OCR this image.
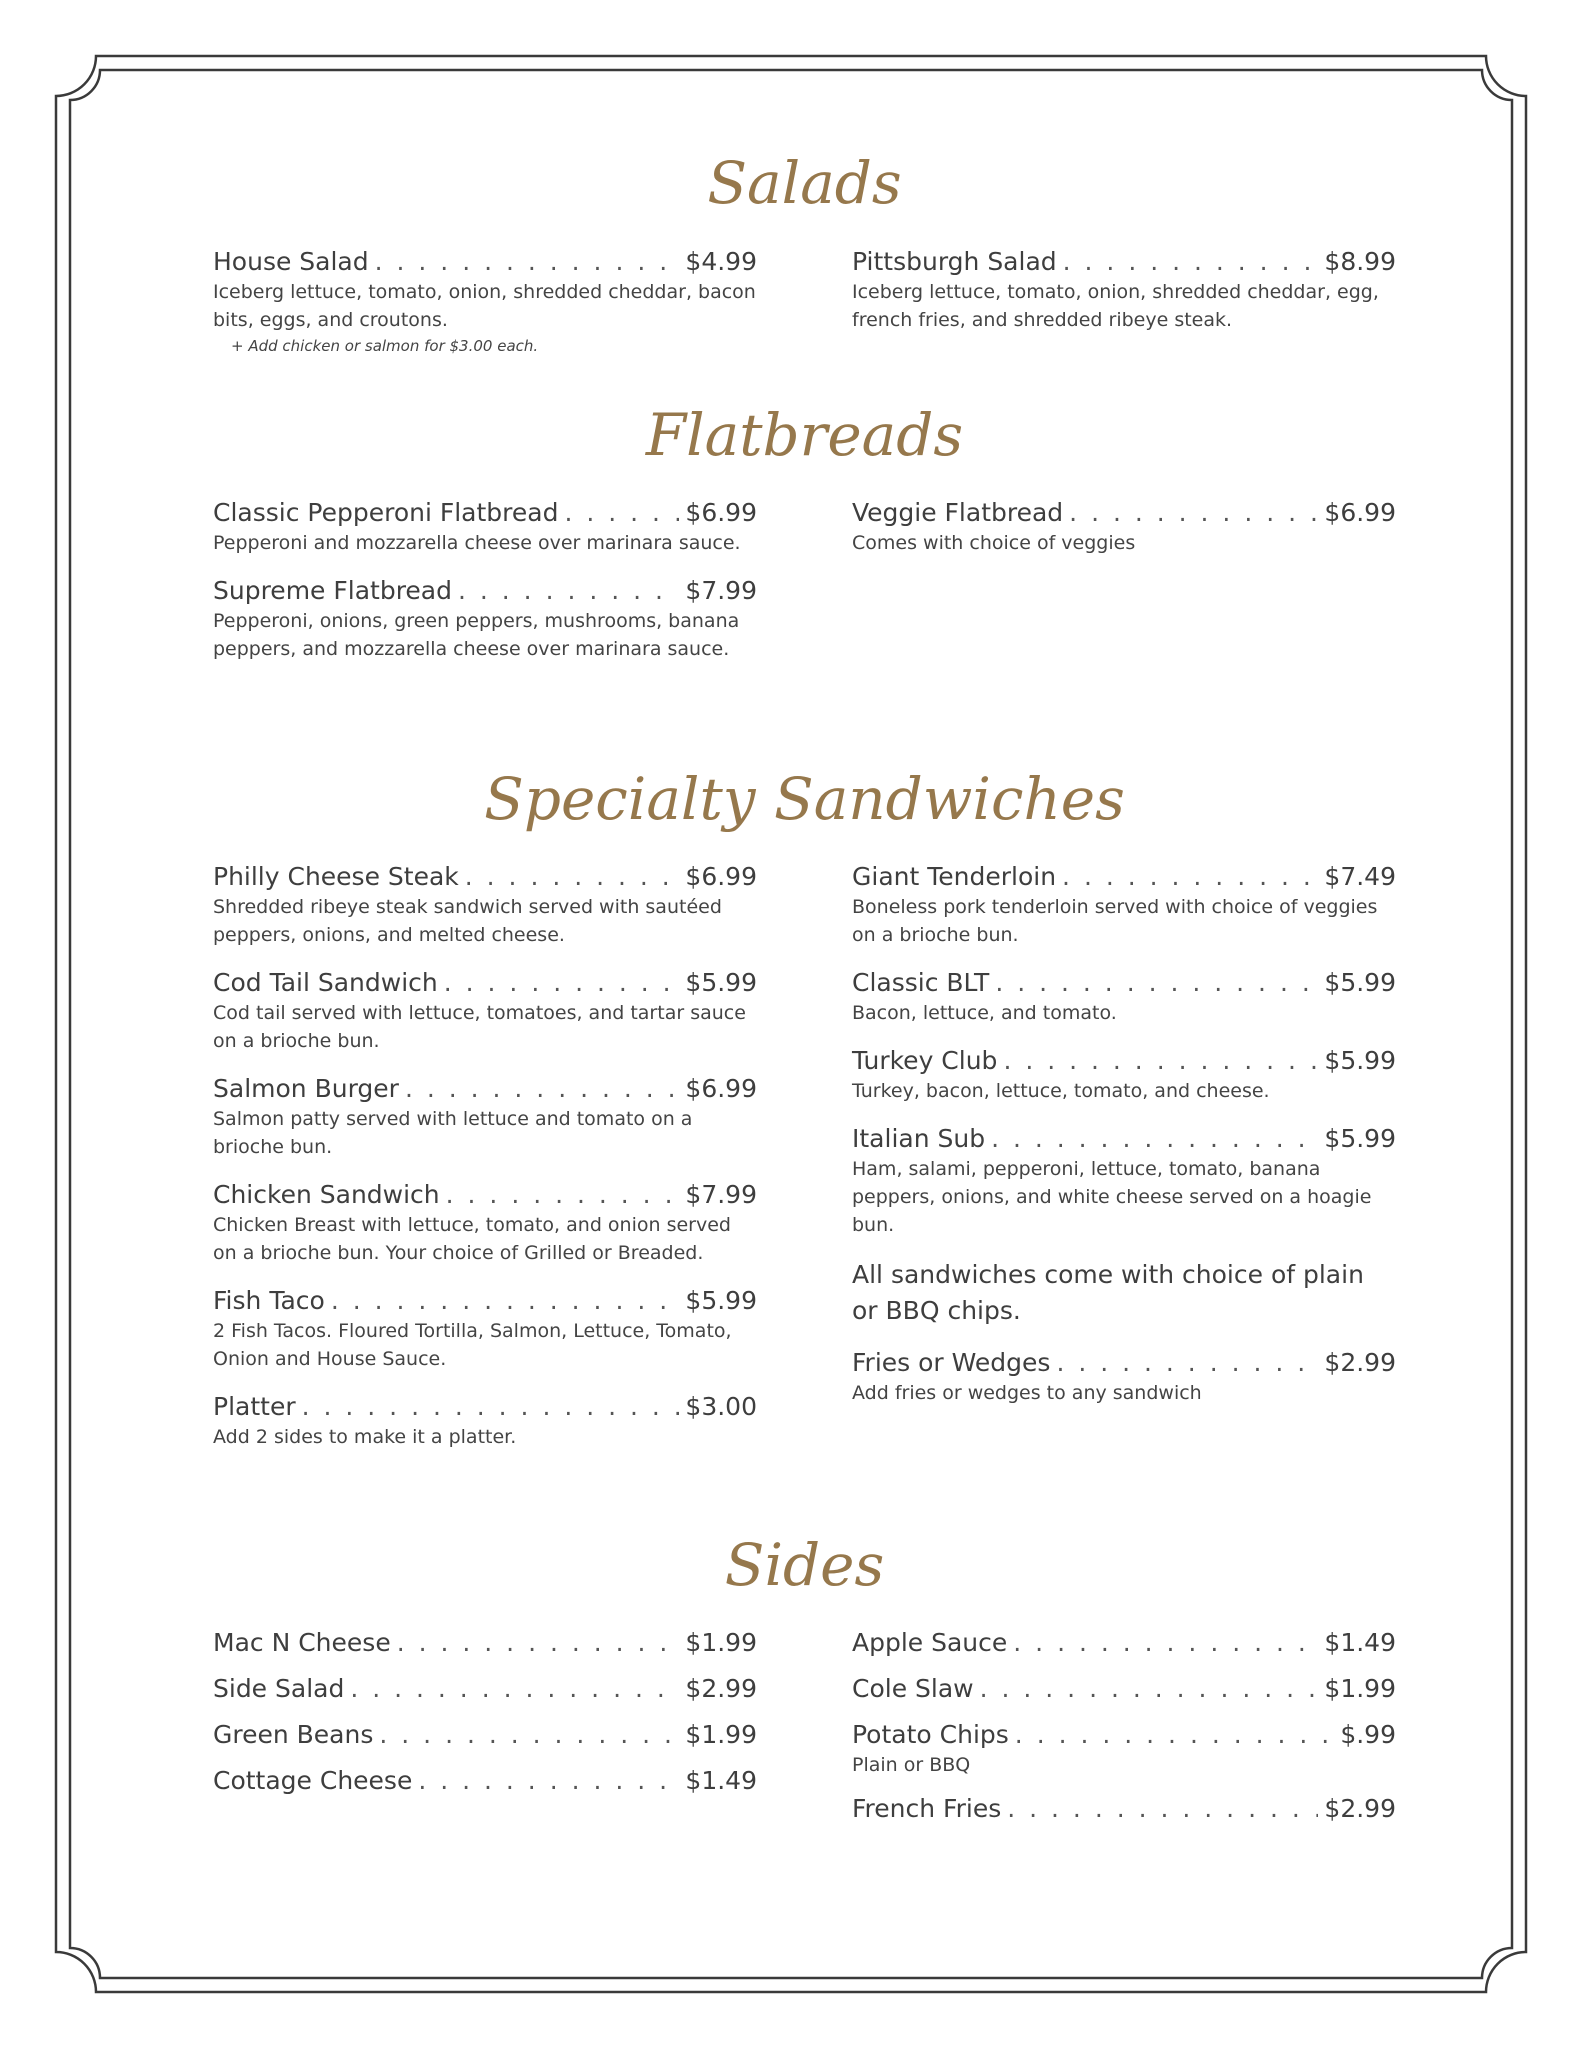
Salads
House Salad . . .	$4.99

Iceberg lettuce, tomato, onion, shredded cheddar, bacon bits, eggs, and croutons.

+ Add chicken or salmon for $3.00 each.

Pittsburgh Salad . . .	$8.99

Iceberg lettuce, tomato, onion, shredded cheddar, egg, french fries, and shredded ribeye steak.

Flatbreads
Classic Pepperoni Flatbread . . .	$6.99

Pepperoni and mozzarella cheese over marinara sauce.

Supreme Flatbread . . .	$7.99

Pepperoni, onions, green peppers, mushrooms, banana peppers, and mozzarella cheese over marinara sauce.

Veggie Flatbread . . .	$6.99

Comes with choice of veggies

Specialty Sandwiches
Philly Cheese Steak . . .	$6.99

Shredded ribeye steak sandwich served with sautéed peppers, onions, and melted cheese.

Cod Tail Sandwich . . .	$5.99

Cod tail served with lettuce, tomatoes, and tartar sauce on a brioche bun.

Salmon Burger . . .	$6.99

Salmon patty served with lettuce and tomato on a brioche bun.

Chicken Sandwich . . .	$7.99

Chicken Breast with lettuce, tomato, and onion served on a brioche bun. Your choice of Grilled or Breaded.

Fish Taco . . .	$5.99

2 Fish Tacos. Floured Tortilla, Salmon, Lettuce, Tomato, Onion and House Sauce.

Platter . . .	$3.00

Add 2 sides to make it a platter.

Giant Tenderloin . . .	$7.49

Boneless pork tenderloin served with choice of veggies on a brioche bun.

Classic BLT . . .	$5.99

Bacon, lettuce, and tomato.

Turkey Club . . .	$5.99

Turkey, bacon, lettuce, tomato, and cheese.

Italian Sub . . .	$5.99

Ham, salami, pepperoni, lettuce, tomato, banana peppers, onions, and white cheese served on a hoagie bun.

All sandwiches come with choice of plain or BBQ chips.

Fries or Wedges . . .	$2.99

Add fries or wedges to any sandwich

Sides
Mac N Cheese . . .	$1.99
Side Salad . . .	$2.99
Green Beans . . .	$1.99
Cottage Cheese . . .	$1.49
Apple Sauce . . .	$1.49
Cole Slaw . . .	$1.99
Potato Chips . . .	$.99

Plain or BBQ

French Fries . . .	$2.99
